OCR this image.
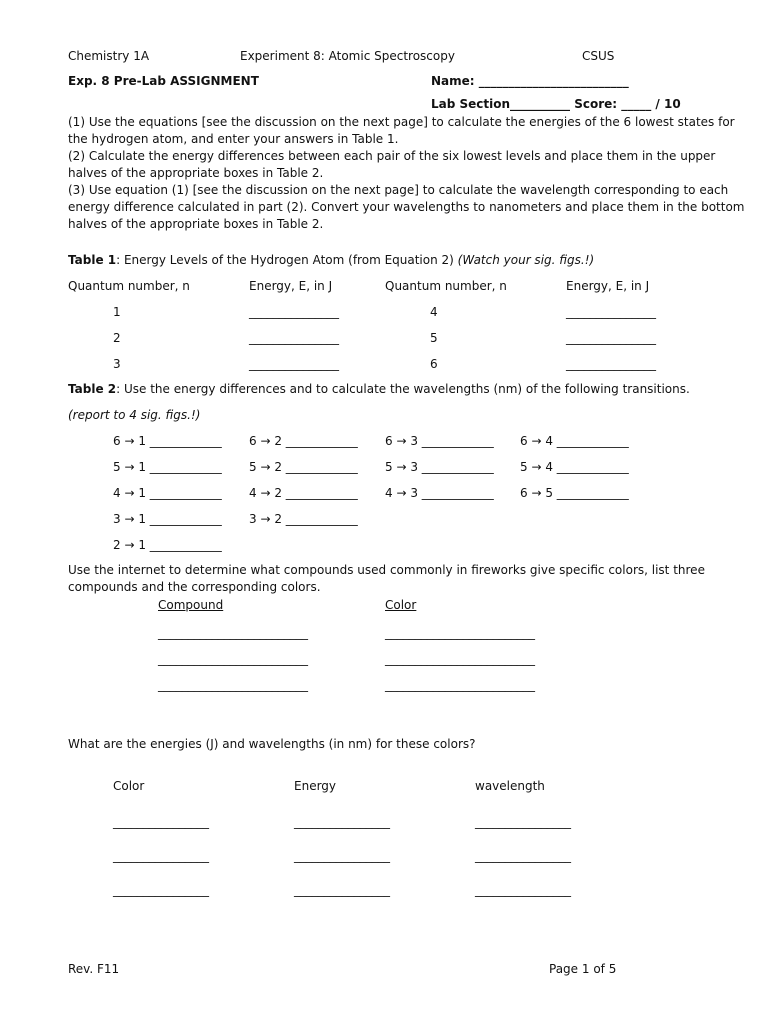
Chemistry 1A	Experiment 8: Atomic Spectroscopy	CSUS
Exp. 8 Pre-Lab ASSIGNMENT	Name: _________________________
Lab Section__________ Score: _____ / 10
(1) Use the equations [see the discussion on the next page] to calculate the energies of the 6 lowest states for
the hydrogen atom, and enter your answers in Table 1.
(2) Calculate the energy differences between each pair of the six lowest levels and place them in the upper
halves of the appropriate boxes in Table 2.
(3) Use equation (1) [see the discussion on the next page] to calculate the wavelength corresponding to each
energy difference calculated in part (2). Convert your wavelengths to nanometers and place them in the bottom
halves of the appropriate boxes in Table 2.
Table 1: Energy Levels of the Hydrogen Atom (from Equation 2) (Watch your sig. figs.!)
Quantum number, n	Energy, E, in J	Quantum number, n	Energy, E, in J
1	_______________	4	_______________
2	_______________	5	_______________
3	_______________	6	_______________
Table 2: Use the energy differences and to calculate the wavelengths (nm) of the following transitions.
(report to 4 sig. figs.!)
6 → 1 ____________ 6 → 2 ____________ 6 → 3 ____________ 6 → 4 ____________
5 → 1 ____________ 5 → 2 ____________ 5 → 3 ____________ 5 → 4 ____________
4 → 1 ____________ 4 → 2 ____________ 4 → 3 ____________ 6 → 5 ____________
3 → 1 ____________ 3 → 2 ____________
2 → 1 ____________
Use the internet to determine what compounds used commonly in fireworks give specific colors, list three
compounds and the corresponding colors.
Compound	Color
_________________________	_________________________
_________________________	_________________________
_________________________	_________________________
What are the energies (J) and wavelengths (in nm) for these colors?
Color	Energy	wavelength
________________	________________	________________
________________	________________	________________
________________	________________	________________
Rev. F11	Page 1 of 5
